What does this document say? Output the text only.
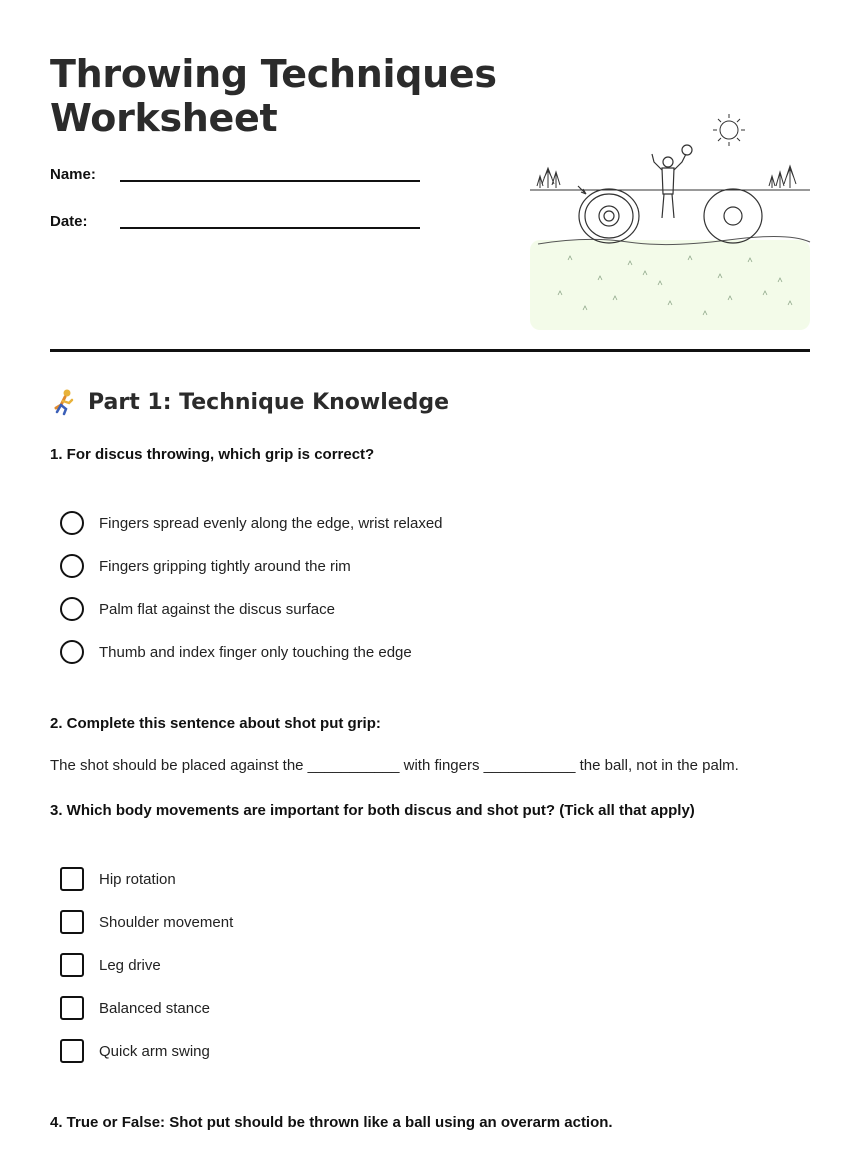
Throwing Techniques Worksheet
Name:
Date:
Part 1: Technique Knowledge

1. For discus throwing, which grip is correct?

Fingers spread evenly along the edge, wrist relaxed
Fingers gripping tightly around the rim
Palm flat against the discus surface
Thumb and index finger only touching the edge

2. Complete this sentence about shot put grip:

The shot should be placed against the ___________ with fingers ___________ the ball, not in the palm.

3. Which body movements are important for both discus and shot put? (Tick all that apply)

Hip rotation
Shoulder movement
Leg drive
Balanced stance
Quick arm swing

4. True or False: Shot put should be thrown like a ball using an overarm action.
